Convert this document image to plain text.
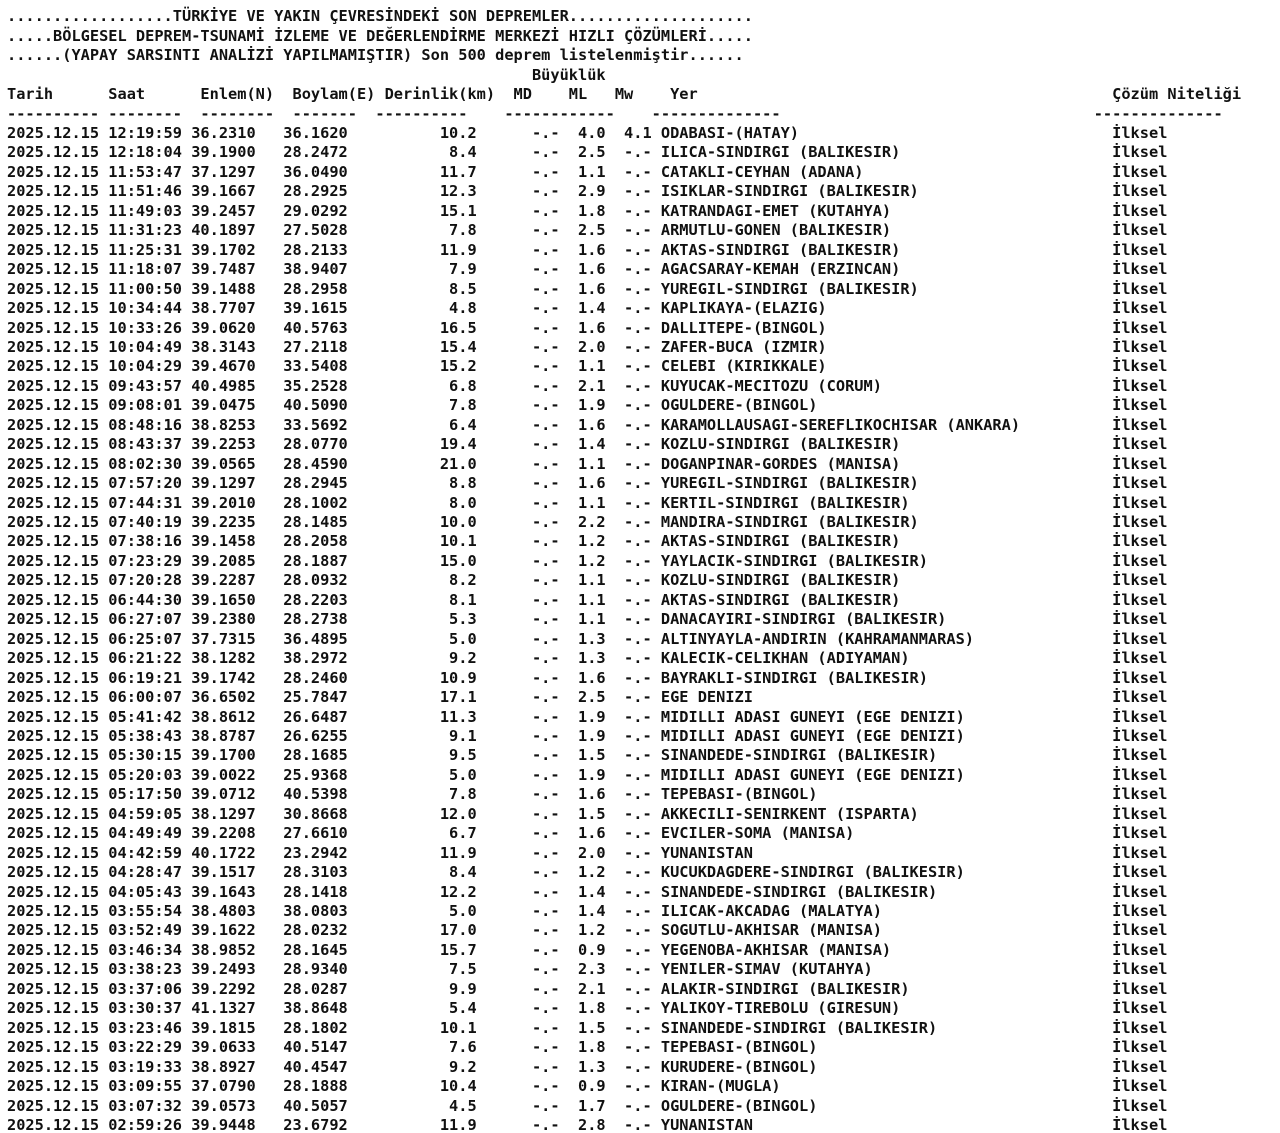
..................TÜRKİYE VE YAKIN ÇEVRESİNDEKİ SON DEPREMLER....................
.....BÖLGESEL DEPREM-TSUNAMİ İZLEME VE DEĞERLENDİRME MERKEZİ HIZLI ÇÖZÜMLERİ.....
......(YAPAY SARSINTI ANALİZİ YAPILMAMIŞTIR) Son 500 deprem listelenmiştir......
Büyüklük
Tarih      Saat      Enlem(N)  Boylam(E) Derinlik(km)  MD    ML   Mw    Yer                                             Çözüm Niteliği
---------- --------  --------  -------  ----------    ------------    --------------                                  --------------
2025.12.15 12:19:59 36.2310   36.1620          10.2      -.-  4.0  4.1 ODABASI-(HATAY)                                  İlksel
2025.12.15 12:18:04 39.1900   28.2472           8.4      -.-  2.5  -.- ILICA-SINDIRGI (BALIKESIR)                       İlksel
2025.12.15 11:53:47 37.1297   36.0490          11.7      -.-  1.1  -.- CATAKLI-CEYHAN (ADANA)                           İlksel
2025.12.15 11:51:46 39.1667   28.2925          12.3      -.-  2.9  -.- ISIKLAR-SINDIRGI (BALIKESIR)                     İlksel
2025.12.15 11:49:03 39.2457   29.0292          15.1      -.-  1.8  -.- KATRANDAGI-EMET (KUTAHYA)                        İlksel
2025.12.15 11:31:23 40.1897   27.5028           7.8      -.-  2.5  -.- ARMUTLU-GONEN (BALIKESIR)                        İlksel
2025.12.15 11:25:31 39.1702   28.2133          11.9      -.-  1.6  -.- AKTAS-SINDIRGI (BALIKESIR)                       İlksel
2025.12.15 11:18:07 39.7487   38.9407           7.9      -.-  1.6  -.- AGACSARAY-KEMAH (ERZINCAN)                       İlksel
2025.12.15 11:00:50 39.1488   28.2958           8.5      -.-  1.6  -.- YUREGIL-SINDIRGI (BALIKESIR)                     İlksel
2025.12.15 10:34:44 38.7707   39.1615           4.8      -.-  1.4  -.- KAPLIKAYA-(ELAZIG)                               İlksel
2025.12.15 10:33:26 39.0620   40.5763          16.5      -.-  1.6  -.- DALLITEPE-(BINGOL)                               İlksel
2025.12.15 10:04:49 38.3143   27.2118          15.4      -.-  2.0  -.- ZAFER-BUCA (IZMIR)                               İlksel
2025.12.15 10:04:29 39.4670   33.5408          15.2      -.-  1.1  -.- CELEBI (KIRIKKALE)                               İlksel
2025.12.15 09:43:57 40.4985   35.2528           6.8      -.-  2.1  -.- KUYUCAK-MECITOZU (CORUM)                         İlksel
2025.12.15 09:08:01 39.0475   40.5090           7.8      -.-  1.9  -.- OGULDERE-(BINGOL)                                İlksel
2025.12.15 08:48:16 38.8253   33.5692           6.4      -.-  1.6  -.- KARAMOLLAUSAGI-SEREFLIKOCHISAR (ANKARA)          İlksel
2025.12.15 08:43:37 39.2253   28.0770          19.4      -.-  1.4  -.- KOZLU-SINDIRGI (BALIKESIR)                       İlksel
2025.12.15 08:02:30 39.0565   28.4590          21.0      -.-  1.1  -.- DOGANPINAR-GORDES (MANISA)                       İlksel
2025.12.15 07:57:20 39.1297   28.2945           8.8      -.-  1.6  -.- YUREGIL-SINDIRGI (BALIKESIR)                     İlksel
2025.12.15 07:44:31 39.2010   28.1002           8.0      -.-  1.1  -.- KERTIL-SINDIRGI (BALIKESIR)                      İlksel
2025.12.15 07:40:19 39.2235   28.1485          10.0      -.-  2.2  -.- MANDIRA-SINDIRGI (BALIKESIR)                     İlksel
2025.12.15 07:38:16 39.1458   28.2058          10.1      -.-  1.2  -.- AKTAS-SINDIRGI (BALIKESIR)                       İlksel
2025.12.15 07:23:29 39.2085   28.1887          15.0      -.-  1.2  -.- YAYLACIK-SINDIRGI (BALIKESIR)                    İlksel
2025.12.15 07:20:28 39.2287   28.0932           8.2      -.-  1.1  -.- KOZLU-SINDIRGI (BALIKESIR)                       İlksel
2025.12.15 06:44:30 39.1650   28.2203           8.1      -.-  1.1  -.- AKTAS-SINDIRGI (BALIKESIR)                       İlksel
2025.12.15 06:27:07 39.2380   28.2738           5.3      -.-  1.1  -.- DANACAYIRI-SINDIRGI (BALIKESIR)                  İlksel
2025.12.15 06:25:07 37.7315   36.4895           5.0      -.-  1.3  -.- ALTINYAYLA-ANDIRIN (KAHRAMANMARAS)               İlksel
2025.12.15 06:21:22 38.1282   38.2972           9.2      -.-  1.3  -.- KALECIK-CELIKHAN (ADIYAMAN)                      İlksel
2025.12.15 06:19:21 39.1742   28.2460          10.9      -.-  1.6  -.- BAYRAKLI-SINDIRGI (BALIKESIR)                    İlksel
2025.12.15 06:00:07 36.6502   25.7847          17.1      -.-  2.5  -.- EGE DENIZI                                       İlksel
2025.12.15 05:41:42 38.8612   26.6487          11.3      -.-  1.9  -.- MIDILLI ADASI GUNEYI (EGE DENIZI)                İlksel
2025.12.15 05:38:43 38.8787   26.6255           9.1      -.-  1.9  -.- MIDILLI ADASI GUNEYI (EGE DENIZI)                İlksel
2025.12.15 05:30:15 39.1700   28.1685           9.5      -.-  1.5  -.- SINANDEDE-SINDIRGI (BALIKESIR)                   İlksel
2025.12.15 05:20:03 39.0022   25.9368           5.0      -.-  1.9  -.- MIDILLI ADASI GUNEYI (EGE DENIZI)                İlksel
2025.12.15 05:17:50 39.0712   40.5398           7.8      -.-  1.6  -.- TEPEBASI-(BINGOL)                                İlksel
2025.12.15 04:59:05 38.1297   30.8668          12.0      -.-  1.5  -.- AKKECILI-SENIRKENT (ISPARTA)                     İlksel
2025.12.15 04:49:49 39.2208   27.6610           6.7      -.-  1.6  -.- EVCILER-SOMA (MANISA)                            İlksel
2025.12.15 04:42:59 40.1722   23.2942          11.9      -.-  2.0  -.- YUNANISTAN                                       İlksel
2025.12.15 04:28:47 39.1517   28.3103           8.4      -.-  1.2  -.- KUCUKDAGDERE-SINDIRGI (BALIKESIR)                İlksel
2025.12.15 04:05:43 39.1643   28.1418          12.2      -.-  1.4  -.- SINANDEDE-SINDIRGI (BALIKESIR)                   İlksel
2025.12.15 03:55:54 38.4803   38.0803           5.0      -.-  1.4  -.- ILICAK-AKCADAG (MALATYA)                         İlksel
2025.12.15 03:52:49 39.1622   28.0232          17.0      -.-  1.2  -.- SOGUTLU-AKHISAR (MANISA)                         İlksel
2025.12.15 03:46:34 38.9852   28.1645          15.7      -.-  0.9  -.- YEGENOBA-AKHISAR (MANISA)                        İlksel
2025.12.15 03:38:23 39.2493   28.9340           7.5      -.-  2.3  -.- YENILER-SIMAV (KUTAHYA)                          İlksel
2025.12.15 03:37:06 39.2292   28.0287           9.9      -.-  2.1  -.- ALAKIR-SINDIRGI (BALIKESIR)                      İlksel
2025.12.15 03:30:37 41.1327   38.8648           5.4      -.-  1.8  -.- YALIKOY-TIREBOLU (GIRESUN)                       İlksel
2025.12.15 03:23:46 39.1815   28.1802          10.1      -.-  1.5  -.- SINANDEDE-SINDIRGI (BALIKESIR)                   İlksel
2025.12.15 03:22:29 39.0633   40.5147           7.6      -.-  1.8  -.- TEPEBASI-(BINGOL)                                İlksel
2025.12.15 03:19:33 38.8927   40.4547           9.2      -.-  1.3  -.- KURUDERE-(BINGOL)                                İlksel
2025.12.15 03:09:55 37.0790   28.1888          10.4      -.-  0.9  -.- KIRAN-(MUGLA)                                    İlksel
2025.12.15 03:07:32 39.0573   40.5057           4.5      -.-  1.7  -.- OGULDERE-(BINGOL)                                İlksel
2025.12.15 02:59:26 39.9448   23.6792          11.9      -.-  2.8  -.- YUNANISTAN                                       İlksel
